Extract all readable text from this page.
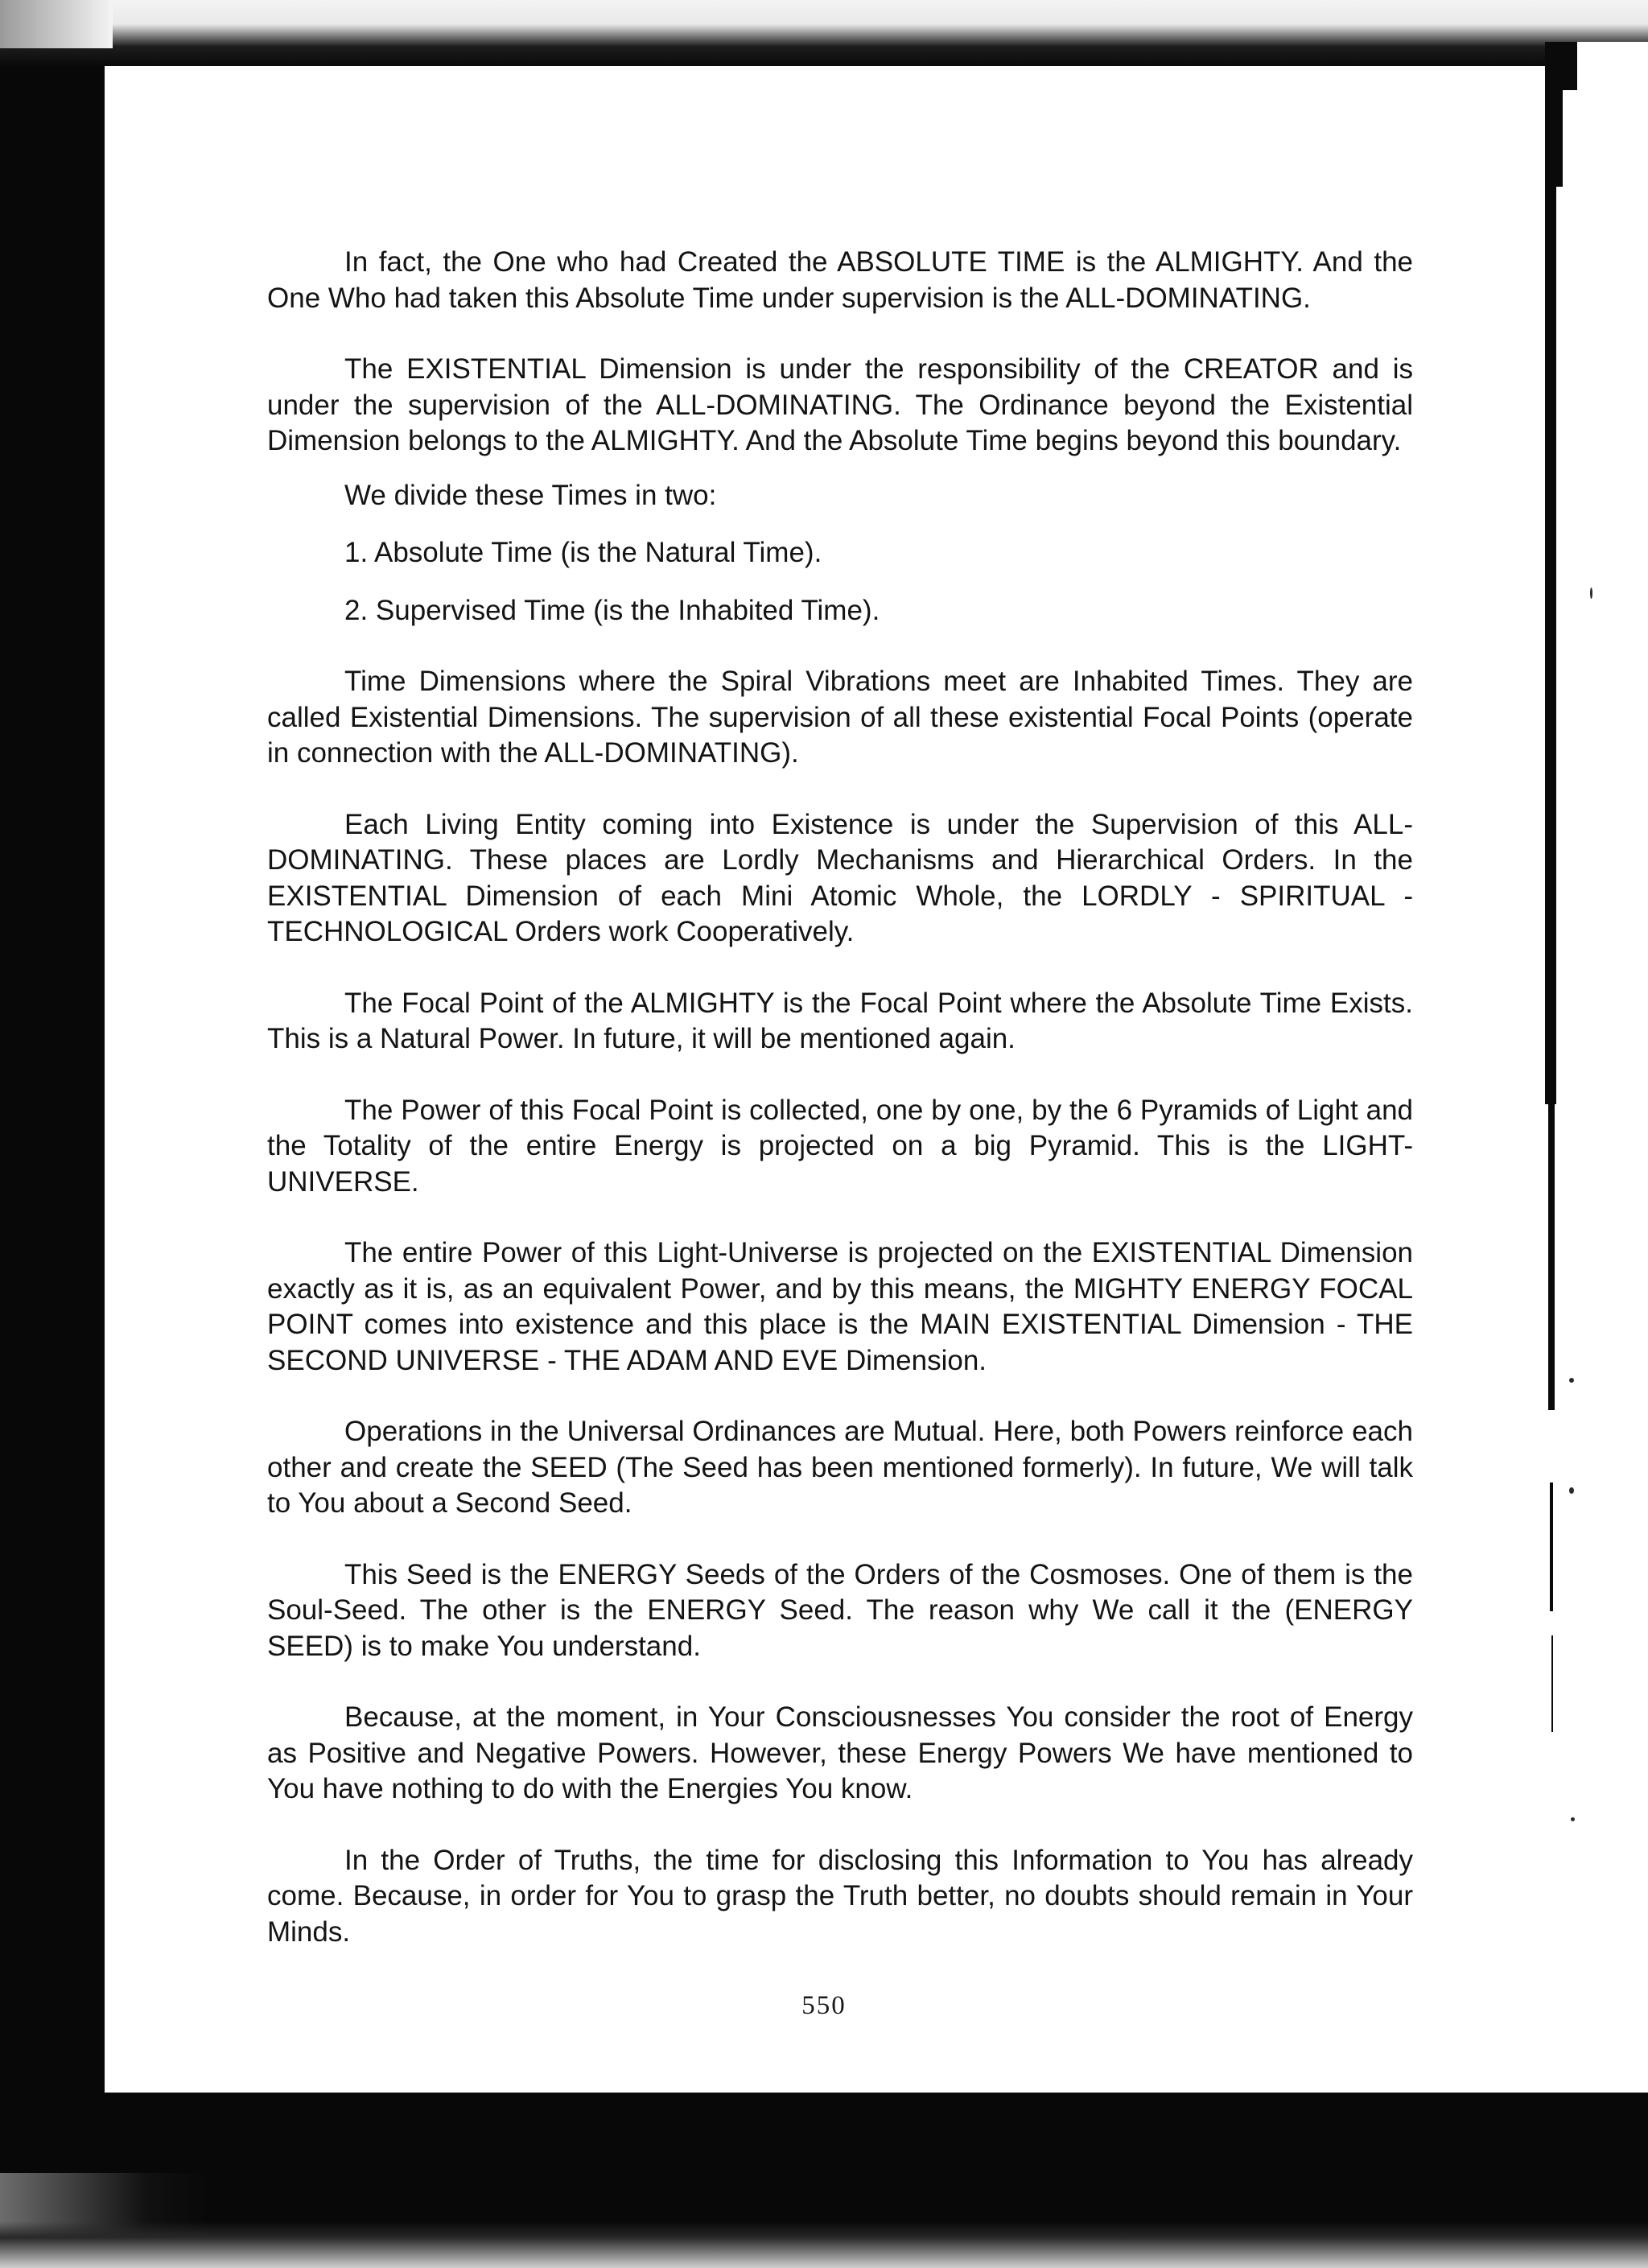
In fact, the One who had Created the ABSOLUTE TIME is the ALMIGHTY. And the One Who had taken this Absolute Time under supervision is the ALL-DOMINATING.

The EXISTENTIAL Dimension is under the responsibility of the CREATOR and is under the supervision of the ALL-DOMINATING. The Ordinance beyond the Existential Dimension belongs to the ALMIGHTY. And the Absolute Time begins beyond this boundary.

We divide these Times in two:

1. Absolute Time (is the Natural Time).

2. Supervised Time (is the Inhabited Time).

Time Dimensions where the Spiral Vibrations meet are Inhabited Times. They are called Existential Dimensions. The supervision of all these existential Focal Points (operate in connection with the ALL-DOMINATING).

Each Living Entity coming into Existence is under the Supervision of this ALL-DOMINATING. These places are Lordly Mechanisms and Hierarchical Orders. In the EXISTENTIAL Dimension of each Mini Atomic Whole, the LORDLY - SPIRITUAL - TECHNOLOGICAL Orders work Cooperatively.

The Focal Point of the ALMIGHTY is the Focal Point where the Absolute Time Exists. This is a Natural Power. In future, it will be mentioned again.

The Power of this Focal Point is collected, one by one, by the 6 Pyramids of Light and the Totality of the entire Energy is projected on a big Pyramid. This is the LIGHT-UNIVERSE.

The entire Power of this Light-Universe is projected on the EXISTENTIAL Dimension exactly as it is, as an equivalent Power, and by this means, the MIGHTY ENERGY FOCAL POINT comes into existence and this place is the MAIN EXISTENTIAL Dimension - THE SECOND UNIVERSE - THE ADAM AND EVE Dimension.

Operations in the Universal Ordinances are Mutual. Here, both Powers reinforce each other and create the SEED (The Seed has been mentioned formerly). In future, We will talk to You about a Second Seed.

This Seed is the ENERGY Seeds of the Orders of the Cosmoses. One of them is the Soul-Seed. The other is the ENERGY Seed. The reason why We call it the (ENERGY SEED) is to make You understand.

Because, at the moment, in Your Consciousnesses You consider the root of Energy as Positive and Negative Powers. However, these Energy Powers We have mentioned to You have nothing to do with the Energies You know.

In the Order of Truths, the time for disclosing this Information to You has already come. Because, in order for You to grasp the Truth better, no doubts should remain in Your Minds.

550
